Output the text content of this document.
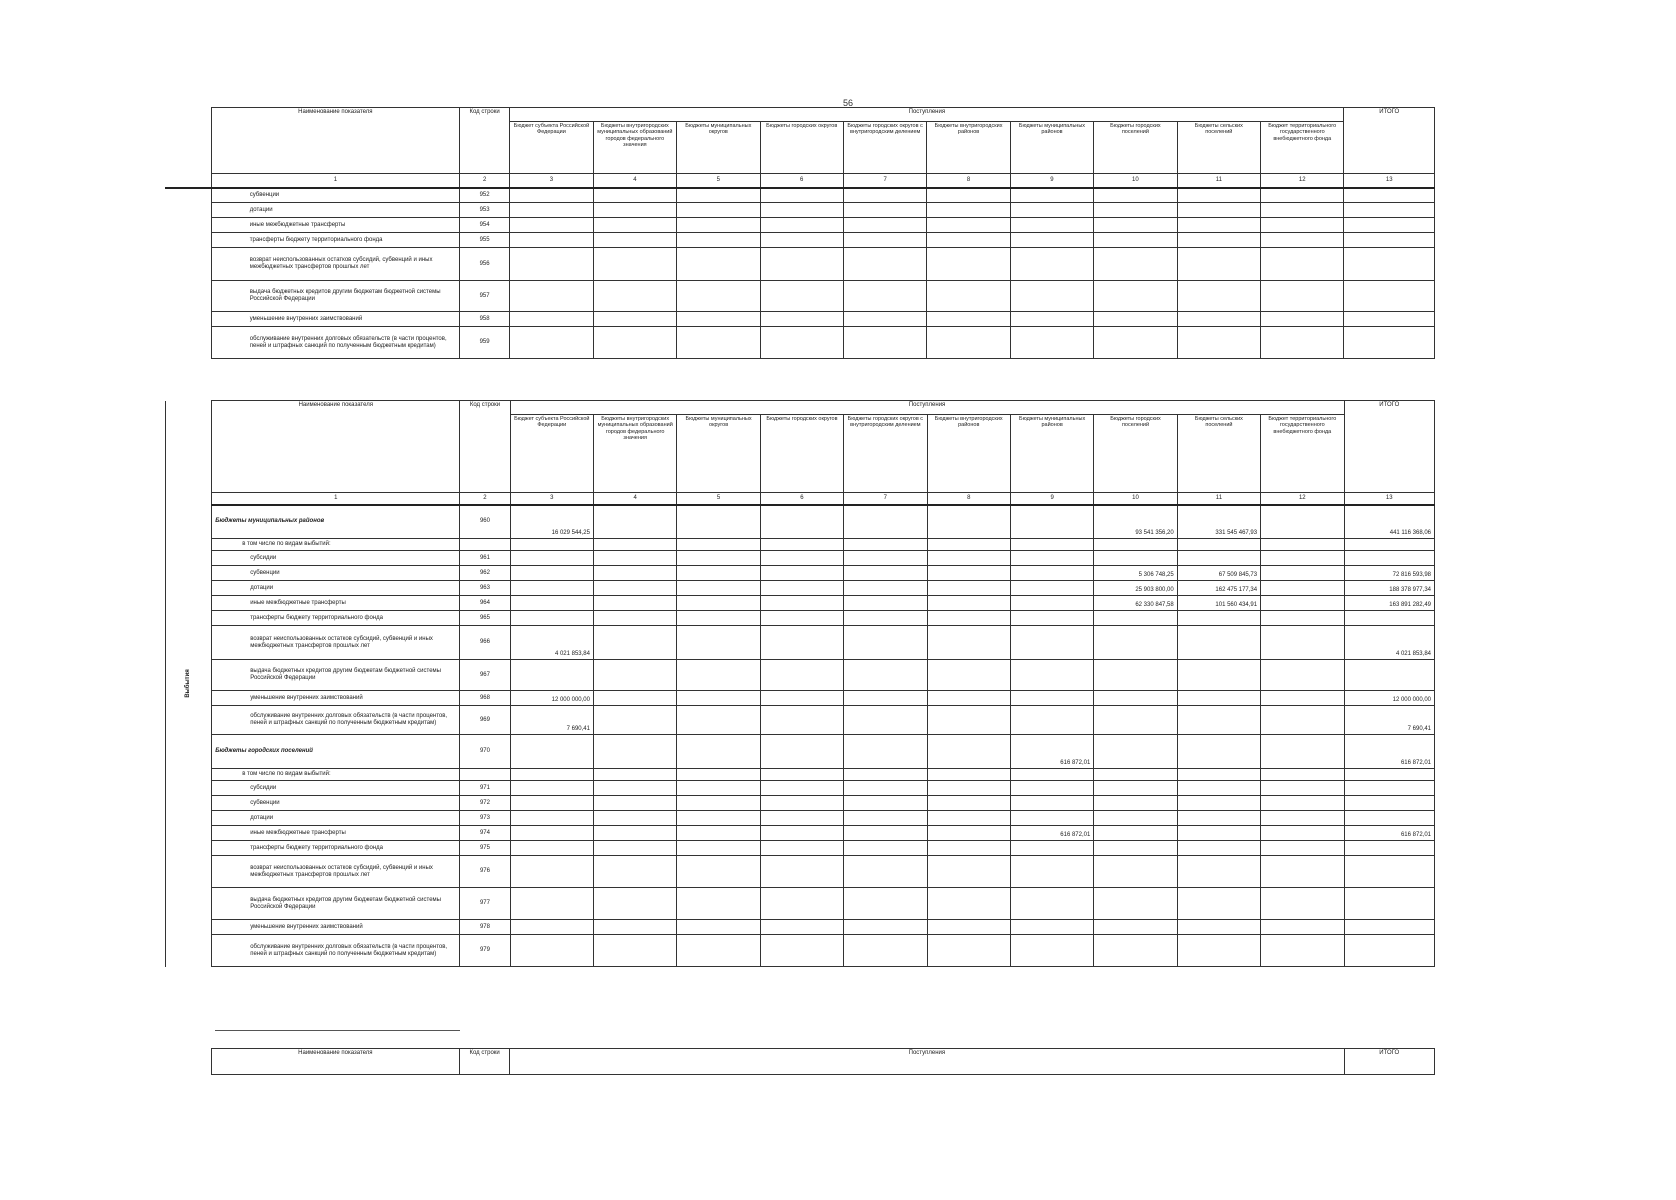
56
	Наименование показателя	Код строки	Поступления										ИТОГО
			Бюджет субъекта Российской Федерации	Бюджеты внутригородских муниципальных образований городов федерального значения	Бюджеты муниципальных округов	Бюджеты городских округов	Бюджеты городских округов с внутригородским делением	Бюджеты внутригородских районов	Бюджеты муниципальных районов	Бюджеты городских поселений	Бюджеты сельских поселений	Бюджет территориального государственного внебюджетного фонда	
	1	2	3	4	5	6	7	8	9	10	11	12	13
	субвенции	952											
	дотации	953											
	иные межбюджетные трансферты	954											
	трансферты бюджету территориального фонда	955											
	возврат неиспользованных остатков субсидий, субвенций и иных межбюджетных трансфертов прошлых лет	956											
	выдача бюджетных кредитов другим бюджетам бюджетной системы Российской Федерации	957											
	уменьшение внутренних заимствований	958											
	обслуживание внутренних долговых обязательств (в части процентов, пеней и штрафных санкций по полученным бюджетным кредитам)	959											
Выбытия	Наименование показателя	Код строки	Поступления										ИТОГО
			Бюджет субъекта Российской Федерации	Бюджеты внутригородских муниципальных образований городов федерального значения	Бюджеты муниципальных округов	Бюджеты городских округов	Бюджеты городских округов с внутригородским делением	Бюджеты внутригородских районов	Бюджеты муниципальных районов	Бюджеты городских поселений	Бюджеты сельских поселений	Бюджет территориального государственного внебюджетного фонда	
	1	2	3	4	5	6	7	8	9	10	11	12	13
	Бюджеты муниципальных районов	960	16 029 544,25							93 541 356,20	331 545 467,93		441 116 368,06
	в том числе по видам выбытий:												
	субсидии	961											
	субвенции	962								5 306 748,25	67 509 845,73		72 816 593,98
	дотации	963								25 903 800,00	162 475 177,34		188 378 977,34
	иные межбюджетные трансферты	964								62 330 847,58	101 560 434,91		163 891 282,49
	трансферты бюджету территориального фонда	965											
	возврат неиспользованных остатков субсидий, субвенций и иных межбюджетных трансфертов прошлых лет	966	4 021 853,84										4 021 853,84
	выдача бюджетных кредитов другим бюджетам бюджетной системы Российской Федерации	967											
	уменьшение внутренних заимствований	968	12 000 000,00										12 000 000,00
	обслуживание внутренних долговых обязательств (в части процентов, пеней и штрафных санкций по полученным бюджетным кредитам)	969	7 690,41										7 690,41
	Бюджеты городских поселений	970							616 872,01				616 872,01
	в том числе по видам выбытий:												
	субсидии	971											
	субвенции	972											
	дотации	973											
	иные межбюджетные трансферты	974							616 872,01				616 872,01
	трансферты бюджету территориального фонда	975											
	возврат неиспользованных остатков субсидий, субвенций и иных межбюджетных трансфертов прошлых лет	976											
	выдача бюджетных кредитов другим бюджетам бюджетной системы Российской Федерации	977											
	уменьшение внутренних заимствований	978											
	обслуживание внутренних долговых обязательств (в части процентов, пеней и штрафных санкций по полученным бюджетным кредитам)	979											
	Наименование показателя	Код строки	Поступления	ИТОГО
